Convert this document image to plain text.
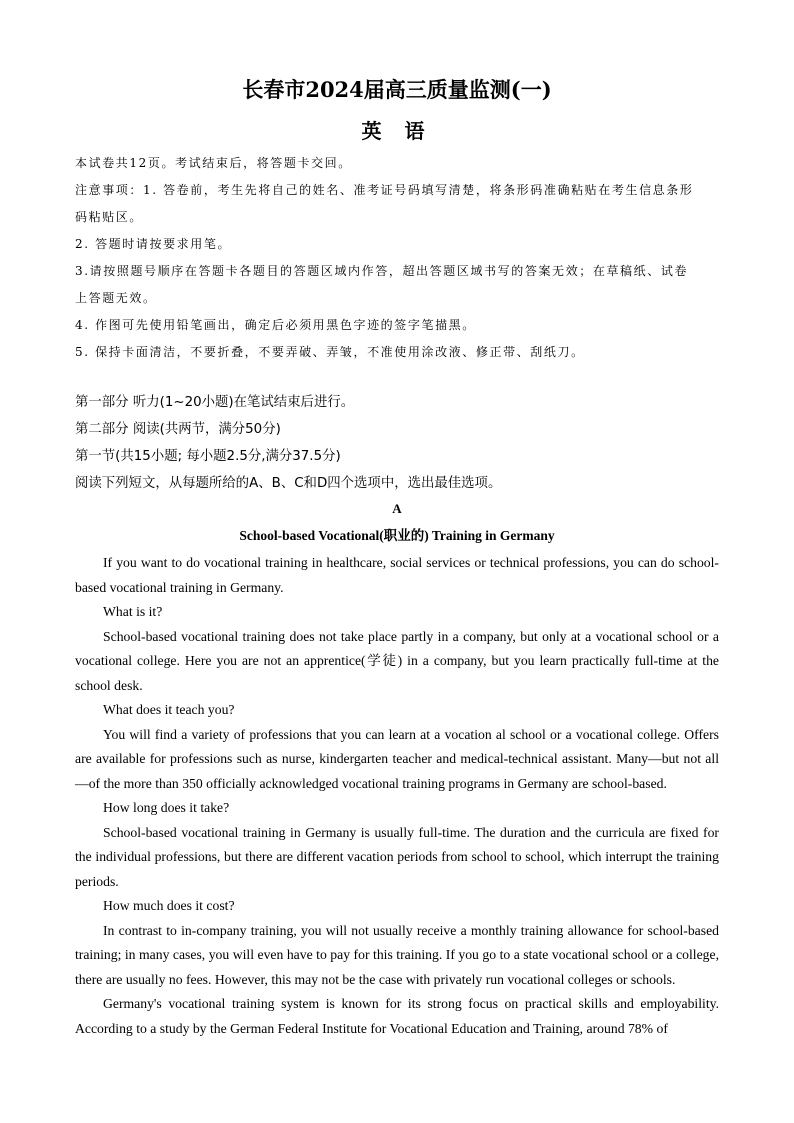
长春市2024届高三质量监测(一)
英 语

本试卷共12页。考试结束后，将答题卡交回。

注意事项：1. 答卷前，考生先将自己的姓名、准考证号码填写清楚，将条形码准确粘贴在考生信息条形

码粘贴区。

2. 答题时请按要求用笔。

3.请按照题号顺序在答题卡各题目的答题区域内作答，超出答题区域书写的答案无效；在草稿纸、试卷

上答题无效。

4. 作图可先使用铅笔画出，确定后必须用黑色字迹的签字笔描黑。

5. 保持卡面清洁，不要折叠，不要弄破、弄皱，不准使用涂改液、修正带、刮纸刀。

第一部分 听力(1~20小题)在笔试结束后进行。

第二部分 阅读(共两节，满分50分)

第一节(共15小题; 每小题2.5分,满分37.5分)

阅读下列短文，从每题所给的A、B、C和D四个选项中，选出最佳选项。

A

School-based Vocational(职业的) Training in Germany

If you want to do vocational training in healthcare, social services or technical professions, you can do school-based vocational training in Germany.

What is it?

School-based vocational training does not take place partly in a company, but only at a vocational school or a vocational college. Here you are not an apprentice(学徒) in a company, but you learn practically full-time at the school desk.

What does it teach you?

You will find a variety of professions that you can learn at a vocation al school or a vocational college. Offers are available for professions such as nurse, kindergarten teacher and medical-technical assistant. Many—but not all—of the more than 350 officially acknowledged vocational training programs in Germany are school-based.

How long does it take?

School-based vocational training in Germany is usually full-time. The duration and the curricula are fixed for the individual professions, but there are different vacation periods from school to school, which interrupt the training periods.

How much does it cost?

In contrast to in-company training, you will not usually receive a monthly training allowance for school-based training; in many cases, you will even have to pay for this training. If you go to a state vocational school or a college, there are usually no fees. However, this may not be the case with privately run vocational colleges or schools.

Germany's vocational training system is known for its strong focus on practical skills and employability. According to a study by the German Federal Institute for Vocational Education and Training, around 78% of
